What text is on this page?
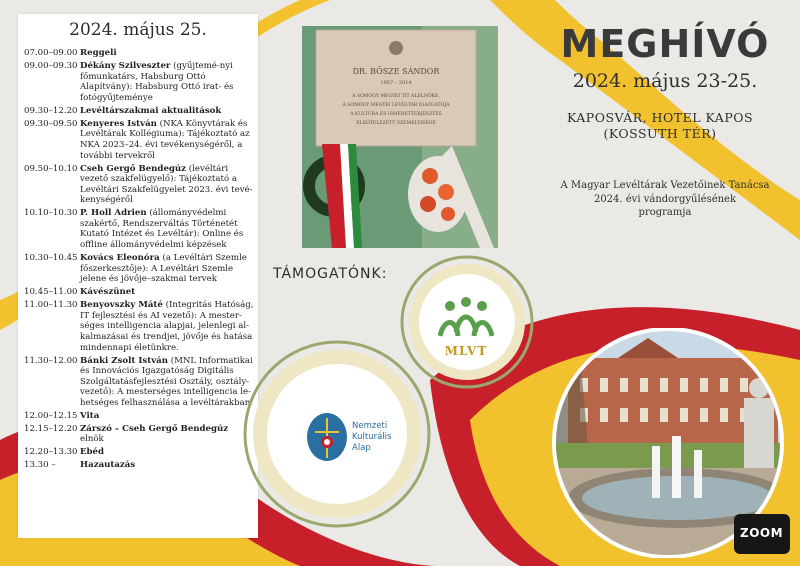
2024. május 25.
07.00–09.00 Reggeli
09.00–09.30 Dékány Szilveszter (gyűjtemé-nyi főmunkatárs, Habsburg Ottó Alapítvány): Habsburg Ottó irat- és fotógyűjteménye
09.30–12.20 Levéltárszakmai aktualitások
09.30–09.50 Kenyeres István (NKA Könyvtárak és Levéltárak Kollégiuma): Tájékoztató az NKA 2023–24. évi tevékenységéről, a további tervekről
09.50–10.10 Cseh Gergő Bendegúz (levéltári vezető szakfelügyelő): Tájékoztató a Levéltári Szakfelügyelet 2023. évi tevé-kenységéről
10.10–10.30 P. Holl Adrien (állományvédelmi szakértő, Rendszerváltás Történetét Kutató Intézet és Levéltár): Online és offline állományvédelmi képzések
10.30–10.45 Kovács Eleonóra (a Levéltári Szemle főszerkesztője): A Levéltári Szemle jelene és jövője–szakmai tervek
10.45–11.00 Kávészünet
11.00–11.30 Benyovszky Máté (Integritás Hatóság, IT fejlesztési és AI vezető): A mester-séges intelligencia alapjai, jelenlegi al-kalmazásai és trendjei, jövője és hatása mindennapi életünkre.
11.30–12.00 Bánki Zsolt István (MNL Informatikai és Innovációs Igazgatóság Digitális Szolgáltatásfejlesztési Osztály, osztály-vezető): A mesterséges intelligencia le-hetséges felhasználása a levéltárakban
12.00–12.15 Vita
12.15–12.20 Zárszó – Cseh Gergő Bendegúz elnök
12.20–13.30 Ebéd
13.30 –	Hazautazás
DR. BŐSZE SÁNDOR
1957 – 2014
A SOMOGY MEGYEI TIT ALELNÖKE,
A SOMOGY MEGYEI LEVÉLTÁR IGAZGATÓJA
A KULTÚRA ÉS ISMERETTERJESZTÉS
ELKÖTELEZETT SZEMÉLYISÉGE
MEGHÍVÓ
2024. május 23-25.
KAPOSVÁR, HOTEL KAPOS
(KOSSUTH TÉR)
A Magyar Levéltárak Vezetőinek Tanácsa
2024. évi vándorgyűlésének
programja
TÁMOGATÓNK:
MLVT
Nemzeti
Kulturális
Alap
ZOOM
